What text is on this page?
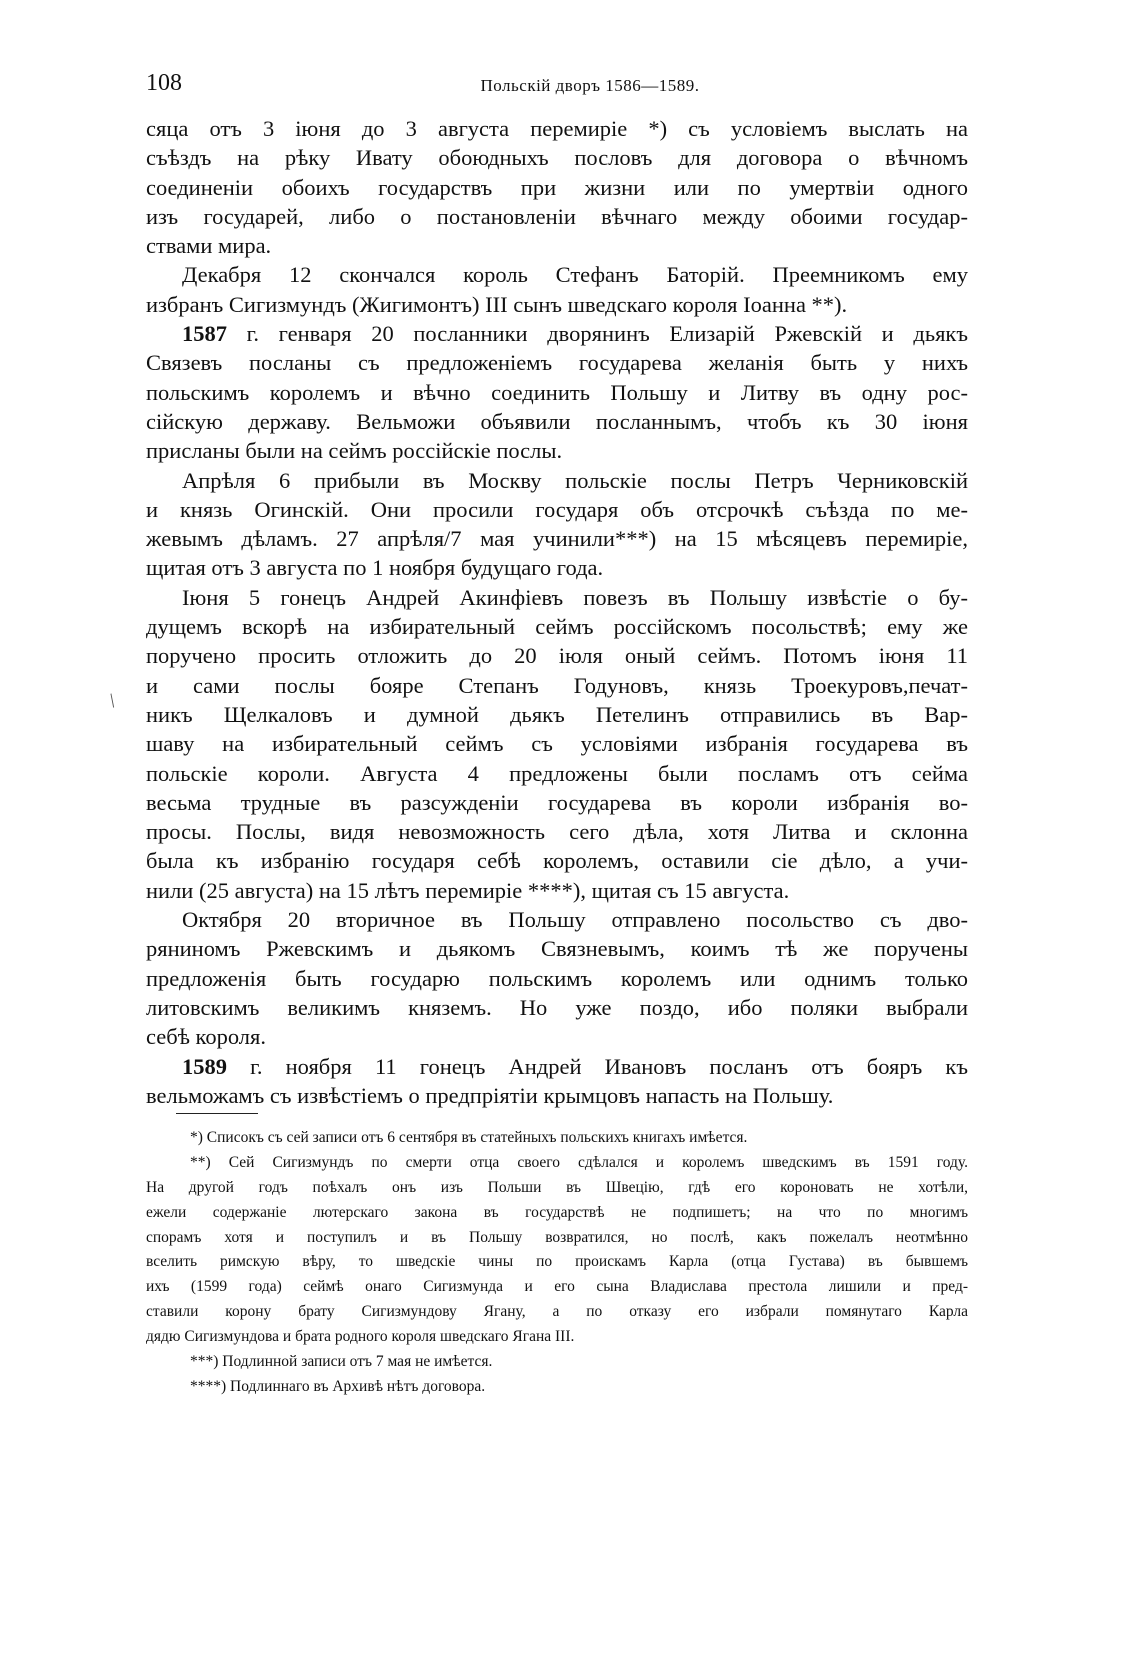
108	Польскій дворъ 1586—1589.
сяца отъ 3 іюня до 3 августа перемиріе *) съ условіемъ выслать на
съѣздъ на рѣку Ивату обоюдныхъ пословъ для договора о вѣчномъ
соединеніи обоихъ государствъ при жизни или по умертвіи одного
изъ государей, либо о постановленіи вѣчнаго между обоими государ-
ствами мира.
Декабря 12 скончался король Стефанъ Баторій. Преемникомъ ему
избранъ Сигизмундъ (Жигимонтъ) III сынъ шведскаго короля Іоанна **).
1587 г. генваря 20 посланники дворянинъ Елизарій Ржевскій и дьякъ
Связевъ посланы съ предложеніемъ государева желанія быть у нихъ
польскимъ королемъ и вѣчно соединить Польшу и Литву въ одну рос-
сійскую державу. Вельможи объявили посланнымъ, чтобъ къ 30 іюня
присланы были на сеймъ россійскіе послы.
Апрѣля 6 прибыли въ Москву польскіе послы Петръ Черниковскій
и князь Огинскій. Они просили государя объ отсрочкѣ съѣзда по ме-
жевымъ дѣламъ. 27 апрѣля/7 мая учинили***) на 15 мѣсяцевъ перемиріе,
щитая отъ 3 августа по 1 ноября будущаго года.
Іюня 5 гонецъ Андрей Акинфіевъ повезъ въ Польшу извѣстіе о бу-
дущемъ вскорѣ на избирательный сеймъ россійскомъ посольствѣ; ему же
поручено просить отложить до 20 іюля оный сеймъ. Потомъ іюня 11
и сами послы бояре Степанъ Годуновъ, князь Троекуровъ,печат-
никъ Щелкаловъ и думной дьякъ Петелинъ отправились въ Вар-
шаву на избирательный сеймъ съ условіями избранія государева въ
польскіе короли. Августа 4 предложены были посламъ отъ сейма
весьма трудные въ разсужденіи государева въ короли избранія во-
просы. Послы, видя невозможность сего дѣла, хотя Литва и склонна
была къ избранію государя себѣ королемъ, оставили сіе дѣло, а учи-
нили (25 августа) на 15 лѣтъ перемиріе ****), щитая съ 15 августа.
Октября 20 вторичное въ Польшу отправлено посольство съ дво-
ряниномъ Ржевскимъ и дьякомъ Связневымъ, коимъ тѣ же поручены
предложенія быть государю польскимъ королемъ или однимъ только
литовскимъ великимъ княземъ. Но уже поздо, ибо поляки выбрали
себѣ короля.
1589 г. ноября 11 гонецъ Андрей Ивановъ посланъ отъ бояръ къ
вельможамъ съ извѣстіемъ о предпріятіи крымцовъ напасть на Польшу.
*) Списокъ съ сей записи отъ 6 сентября въ статейныхъ польскихъ книгахъ имѣется.
**) Сей Сигизмундъ по смерти отца своего сдѣлался и королемъ шведскимъ въ 1591 году.
На другой годъ поѣхалъ онъ изъ Польши въ Швецію, гдѣ его короновать не хотѣли,
ежели содержаніе лютерскаго закона въ государствѣ не подпишетъ; на что по многимъ
спорамъ хотя и поступилъ и въ Польшу возвратился, но послѣ, какъ пожелалъ неотмѣнно
вселить римскую вѣру, то шведскіе чины по проискамъ Карла (отца Густава) въ бывшемъ
ихъ (1599 года) сеймѣ онаго Сигизмунда и его сына Владислава престола лишили и пред-
ставили корону брату Сигизмундову Ягану, а по отказу его избрали помянутаго Карла
дядю Сигизмундова и брата родного короля шведскаго Ягана III.
***) Подлинной записи отъ 7 мая не имѣется.
****) Подлиннаго въ Архивѣ нѣтъ договора.
/
